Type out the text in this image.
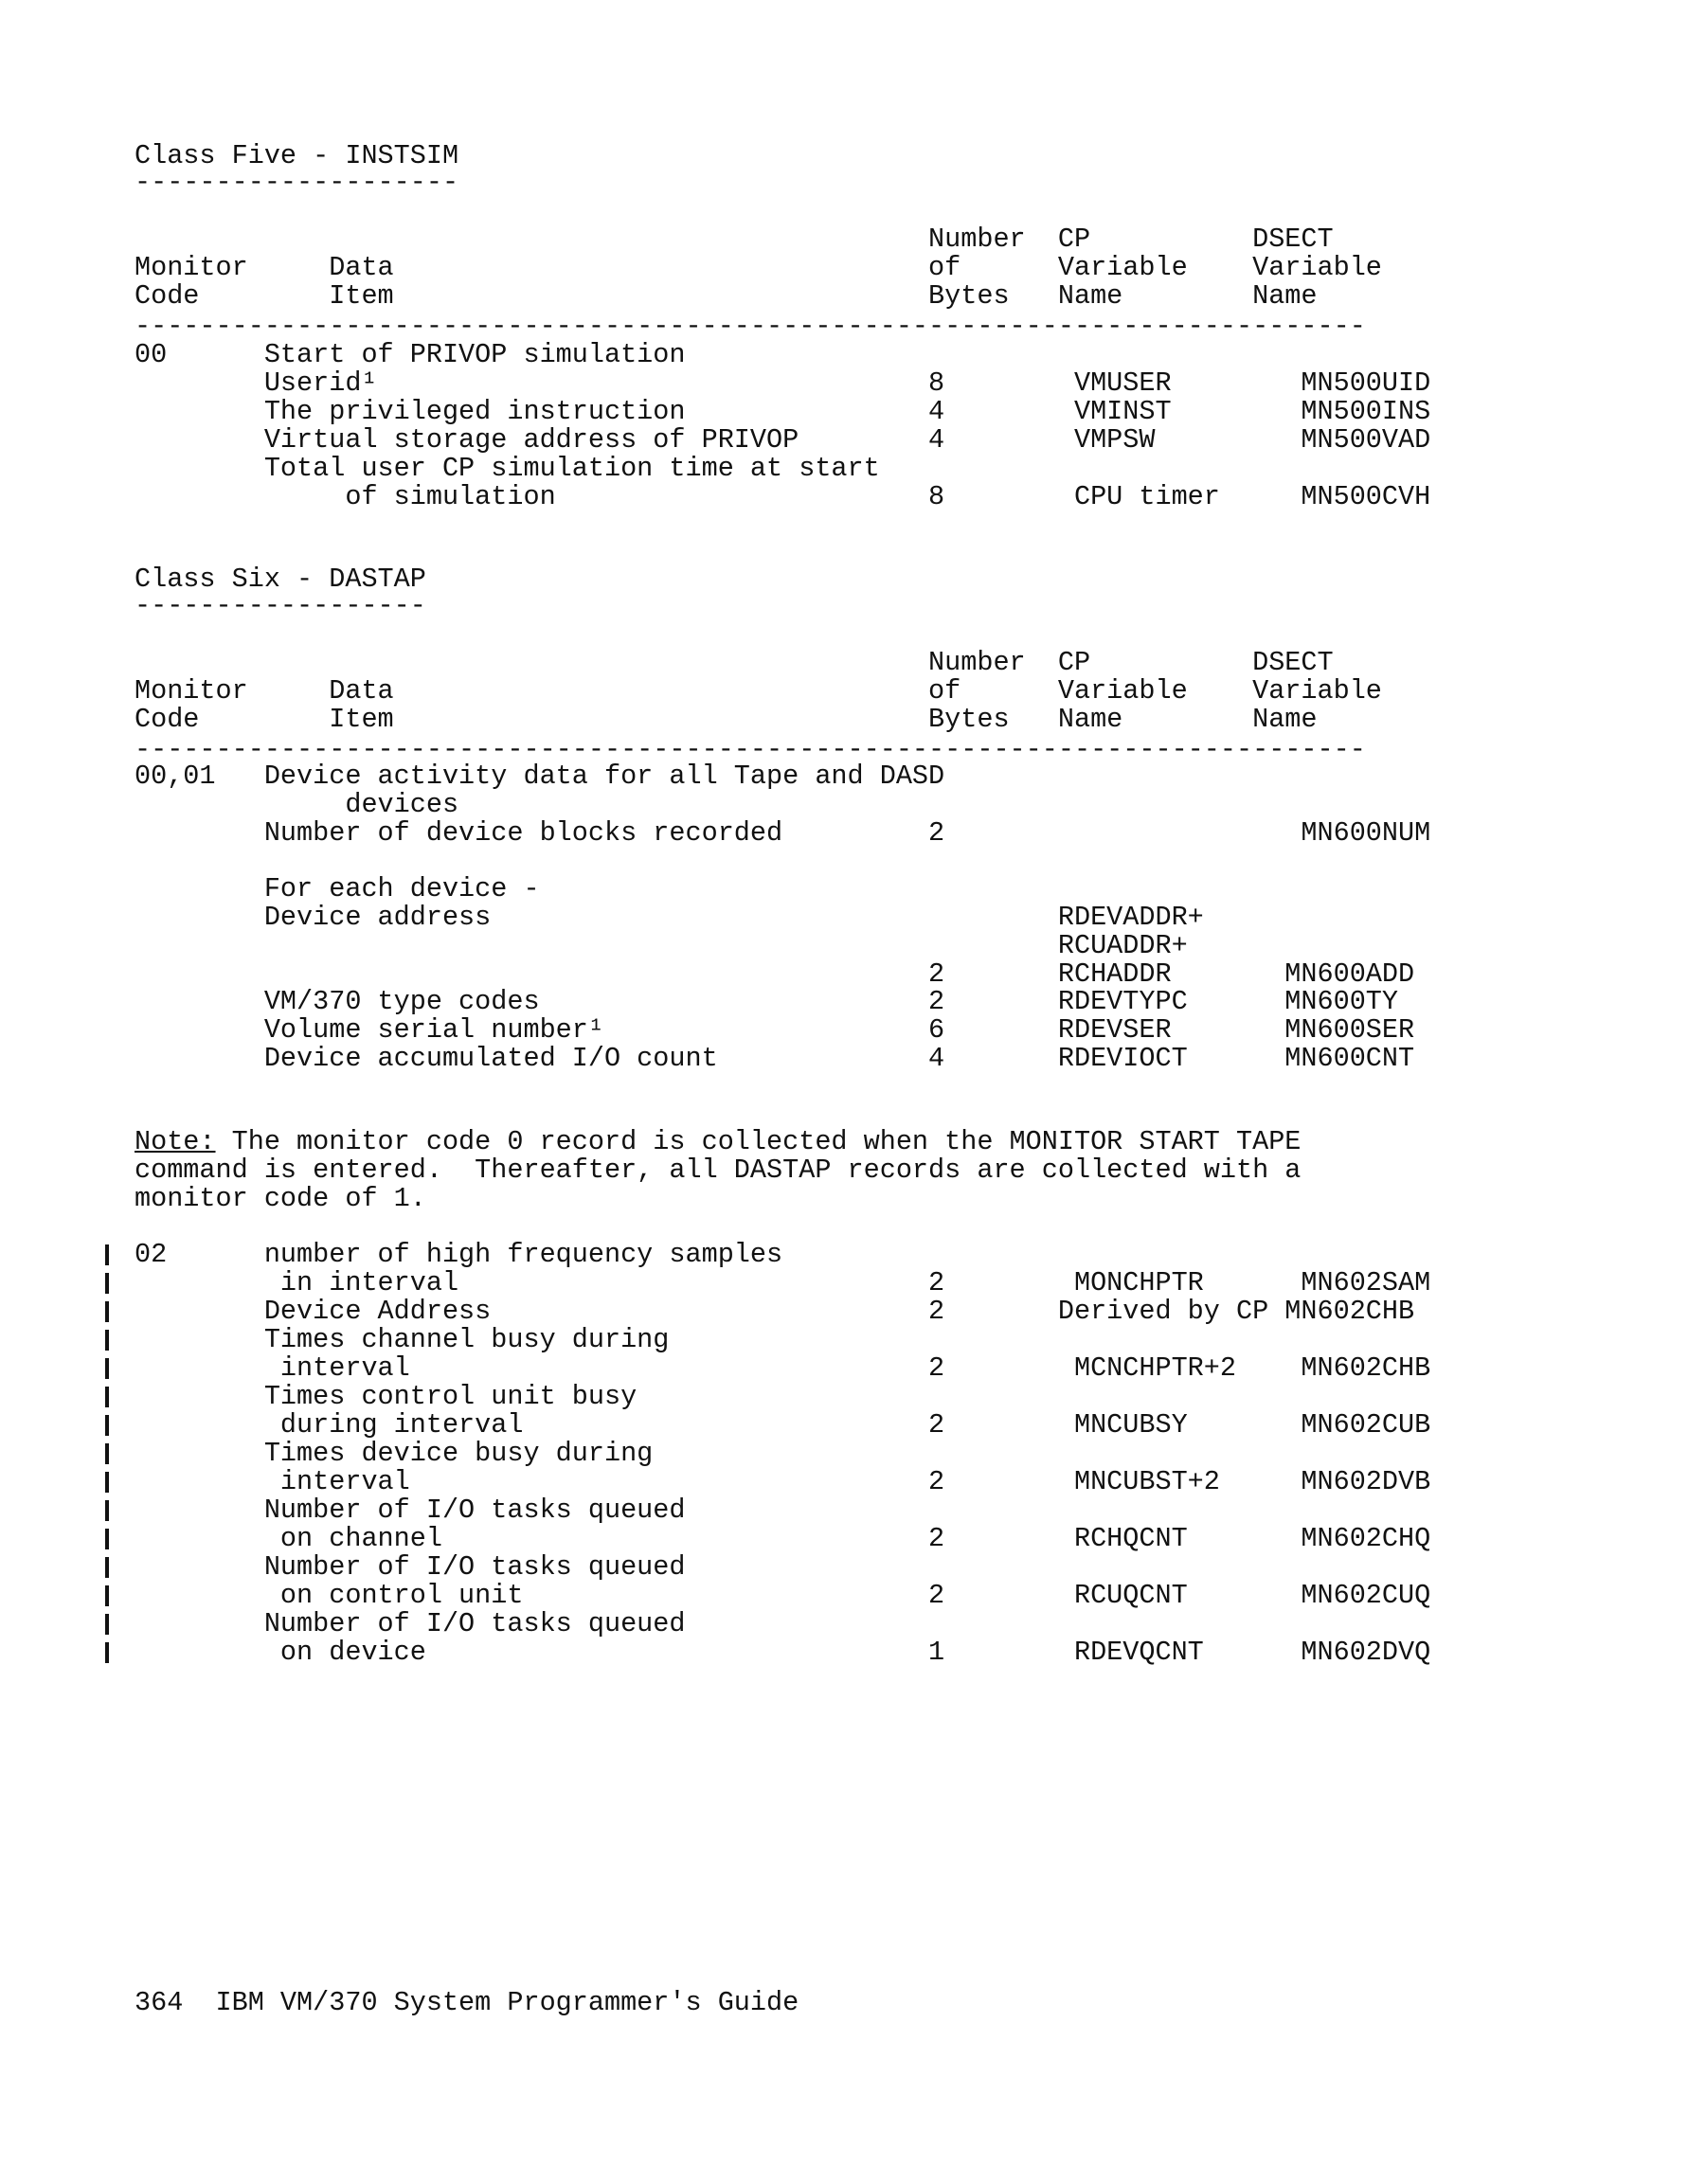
Class Five - INSTSIM
--------------------
Number  CP          DSECT
Monitor     Data                                 of      Variable    Variable
Code        Item                                 Bytes   Name        Name
----------------------------------------------------------------------------
00      Start of PRIVOP simulation
Userid¹                                  8        VMUSER        MN500UID
The privileged instruction               4        VMINST        MN500INS
Virtual storage address of PRIVOP        4        VMPSW         MN500VAD
Total user CP simulation time at start
of simulation                       8        CPU timer     MN500CVH
Class Six - DASTAP
------------------
Number  CP          DSECT
Monitor     Data                                 of      Variable    Variable
Code        Item                                 Bytes   Name        Name
----------------------------------------------------------------------------
00,01   Device activity data for all Tape and DASD
devices
Number of device blocks recorded         2                      MN600NUM
For each device -
Device address                                   RDEVADDR+
RCUADDR+
2       RCHADDR       MN600ADD
VM/370 type codes                        2       RDEVTYPC      MN600TY
Volume serial number¹                    6       RDEVSER       MN600SER
Device accumulated I/O count             4       RDEVIOCT      MN600CNT
Note: The monitor code 0 record is collected when the MONITOR START TAPE
command is entered.  Thereafter, all DASTAP records are collected with a
monitor code of 1.
02      number of high frequency samples
in interval                             2        MONCHPTR      MN602SAM
Device Address                           2       Derived by CP MN602CHB
Times channel busy during
interval                                2        MCNCHPTR+2    MN602CHB
Times control unit busy
during interval                         2        MNCUBSY       MN602CUB
Times device busy during
interval                                2        MNCUBST+2     MN602DVB
Number of I/O tasks queued
on channel                              2        RCHQCNT       MN602CHQ
Number of I/O tasks queued
on control unit                         2        RCUQCNT       MN602CUQ
Number of I/O tasks queued
on device                               1        RDEVQCNT      MN602DVQ
364  IBM VM/370 System Programmer's Guide
